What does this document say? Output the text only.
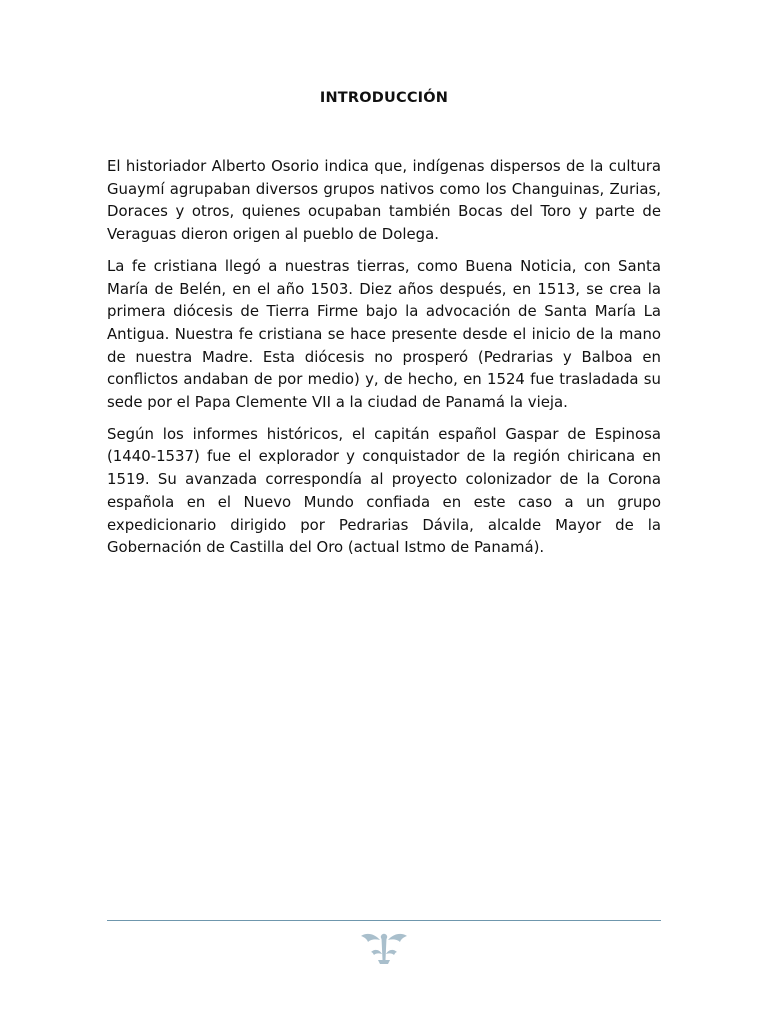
INTRODUCCIÓN

El historiador Alberto Osorio indica que, indígenas dispersos de la cultura Guaymí agrupaban diversos grupos nativos como los Changuinas, Zurias, Doraces y otros, quienes ocupaban también Bocas del Toro y parte de Veraguas dieron origen al pueblo de Dolega.

La fe cristiana llegó a nuestras tierras, como Buena Noticia, con Santa María de Belén, en el año 1503. Diez años después, en 1513, se crea la primera diócesis de Tierra Firme bajo la advocación de Santa María La Antigua. Nuestra fe cristiana se hace presente desde el inicio de la mano de nuestra Madre. Esta diócesis no prosperó (Pedrarias y Balboa en conflictos andaban de por medio) y, de hecho, en 1524 fue trasladada su sede por el Papa Clemente VII a la ciudad de Panamá la vieja.

Según los informes históricos, el capitán español Gaspar de Espinosa (1440-1537) fue el explorador y conquistador de la región chiricana en 1519. Su avanzada correspondía al proyecto colonizador de la Corona española en el Nuevo Mundo confiada en este caso a un grupo expedicionario dirigido por Pedrarias Dávila, alcalde Mayor de la Gobernación de Castilla del Oro (actual Istmo de Panamá).
